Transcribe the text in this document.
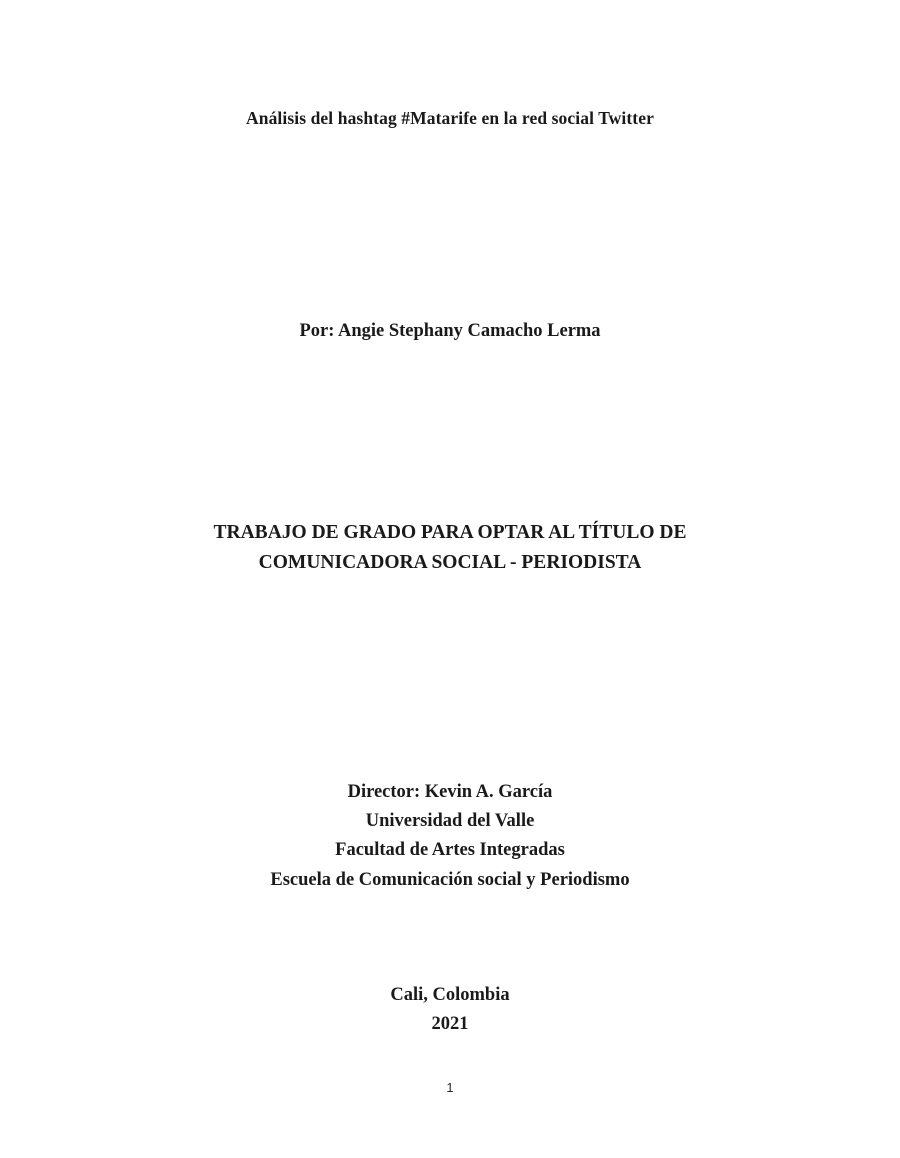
Análisis del hashtag #Matarife en la red social Twitter
Por: Angie Stephany Camacho Lerma
TRABAJO DE GRADO PARA OPTAR AL TÍTULO DE
COMUNICADORA SOCIAL - PERIODISTA
Director: Kevin A. García
Universidad del Valle
Facultad de Artes Integradas
Escuela de Comunicación social y Periodismo
Cali, Colombia
2021
1
